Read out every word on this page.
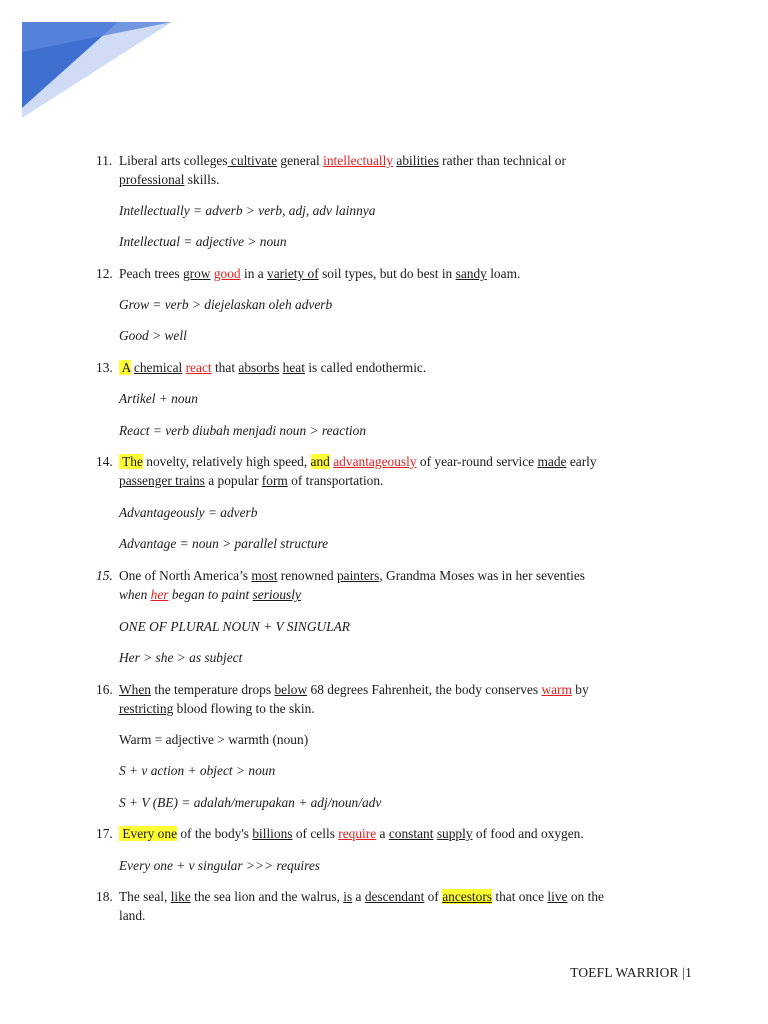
11. Liberal arts colleges cultivate general intellectually abilities rather than technical or
professional skills.
Intellectually = adverb > verb, adj, adv lainnya
Intellectual = adjective > noun
12. Peach trees grow good in a variety of soil types, but do best in sandy loam.
Grow = verb > diejelaskan oleh adverb
Good > well
13. A chemical react that absorbs heat is called endothermic.
Artikel + noun
React = verb diubah menjadi noun > reaction
14. The novelty, relatively high speed, and advantageously of year-round service made early
passenger trains a popular form of transportation.
Advantageously = adverb
Advantage = noun > parallel structure
15. One of North America’s most renowned painters, Grandma Moses was in her seventies
when her began to paint seriously
ONE OF PLURAL NOUN + V SINGULAR
Her > she > as subject
16. When the temperature drops below 68 degrees Fahrenheit, the body conserves warm by
restricting blood flowing to the skin.
Warm = adjective > warmth (noun)
S + v action + object > noun
S + V (BE) = adalah/merupakan + adj/noun/adv
17. Every one of the body's billions of cells require a constant supply of food and oxygen.
Every one + v singular >>> requires
18. The seal, like the sea lion and the walrus, is a descendant of ancestors that once live on the
land.
TOEFL WARRIOR |1
